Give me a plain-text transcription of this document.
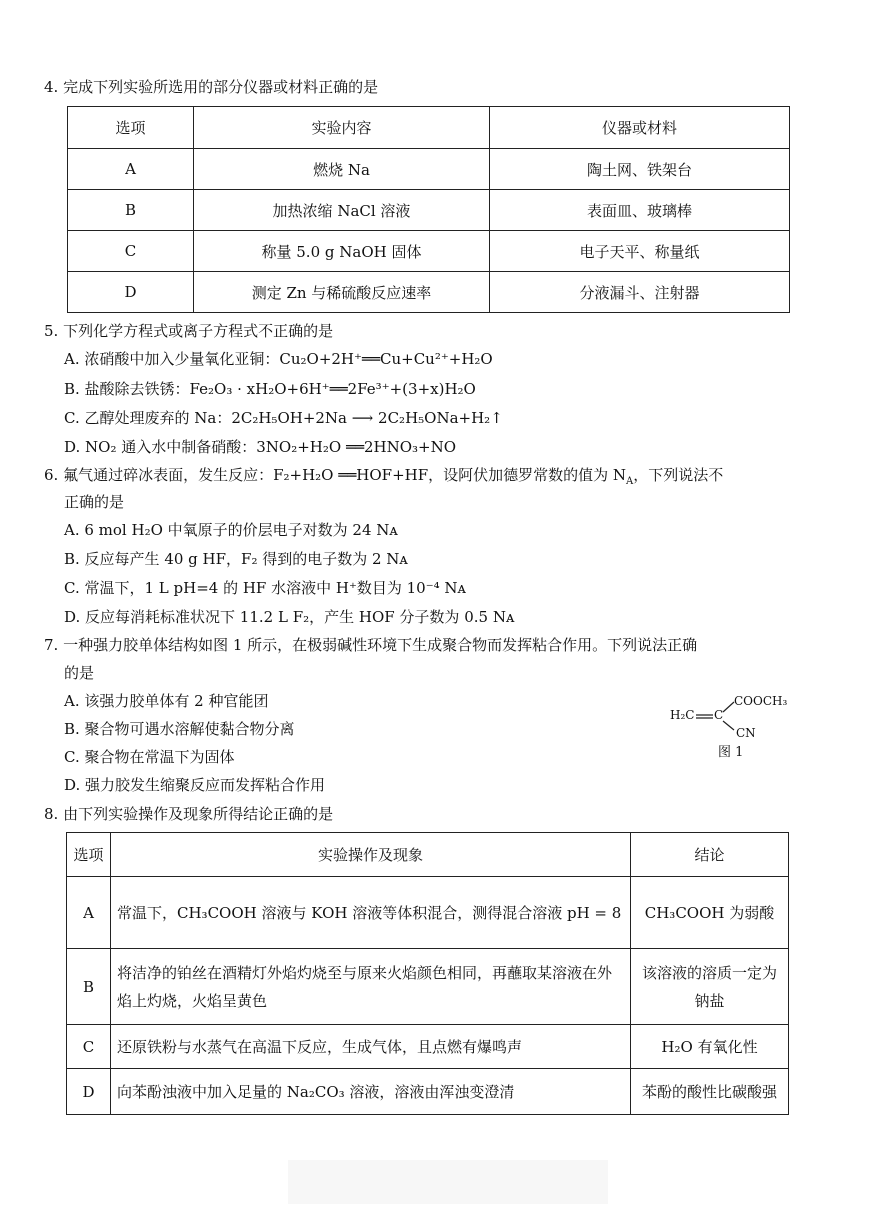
4. 完成下列实验所选用的部分仪器或材料正确的是
选项	实验内容	仪器或材料
A	燃烧 Na	陶土网、铁架台
B	加热浓缩 NaCl 溶液	表面皿、玻璃棒
C	称量 5.0 g NaOH 固体	电子天平、称量纸
D	测定 Zn 与稀硫酸反应速率	分液漏斗、注射器
5. 下列化学方程式或离子方程式不正确的是
A. 浓硝酸中加入少量氧化亚铜：Cu₂O+2H⁺══Cu+Cu²⁺+H₂O
B. 盐酸除去铁锈：Fe₂O₃ · xH₂O+6H⁺══2Fe³⁺+(3+x)H₂O
C. 乙醇处理废弃的 Na：2C₂H₅OH+2Na ⟶ 2C₂H₅ONa+H₂↑
D. NO₂ 通入水中制备硝酸：3NO₂+H₂O ══2HNO₃+NO
6. 氟气通过碎冰表面，发生反应：F₂+H₂O ══HOF+HF，设阿伏加德罗常数的值为 $N_A$，下列说法不
正确的是
A. 6 mol H₂O 中氧原子的价层电子对数为 24 Nᴀ
B. 反应每产生 40 g HF，F₂ 得到的电子数为 2 Nᴀ
C. 常温下，1 L pH=4 的 HF 水溶液中 H⁺数目为 10⁻⁴ Nᴀ
D. 反应每消耗标准状况下 11.2 L F₂，产生 HOF 分子数为 0.5 Nᴀ
7. 一种强力胶单体结构如图 1 所示，在极弱碱性环境下生成聚合物而发挥粘合作用。下列说法正确
的是
A. 该强力胶单体有 2 种官能团
B. 聚合物可遇水溶解使黏合物分离
C. 聚合物在常温下为固体
D. 强力胶发生缩聚反应而发挥粘合作用
H₂C C
COOCH₃
CN
图 1
8. 由下列实验操作及现象所得结论正确的是
选项	实验操作及现象	结论
A	常温下，CH₃COOH 溶液与 KOH 溶液等体积混合，测得混合溶液 pH = 8	CH₃COOH 为弱酸
B	将洁净的铂丝在酒精灯外焰灼烧至与原来火焰颜色相同，再蘸取某溶液在外焰上灼烧，火焰呈黄色	该溶液的溶质一定为钠盐
C	还原铁粉与水蒸气在高温下反应，生成气体，且点燃有爆鸣声	H₂O 有氧化性
D	向苯酚浊液中加入足量的 Na₂CO₃ 溶液，溶液由浑浊变澄清	苯酚的酸性比碳酸强
